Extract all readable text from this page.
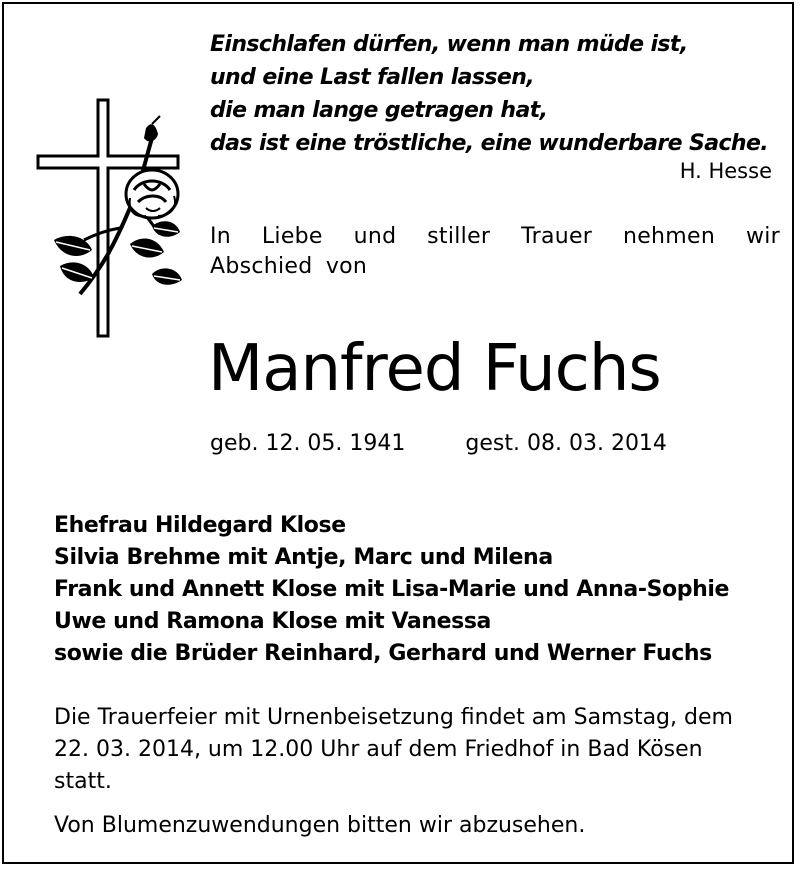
Einschlafen dürfen, wenn man müde ist,
und eine Last fallen lassen,
die man lange getragen hat,
das ist eine tröstliche, eine wunderbare Sache.
H. Hesse
In Liebe und stiller Trauer nehmen wir Abschied von
Manfred Fuchs
geb. 12. 05. 1941	gest. 08. 03. 2014
Ehefrau Hildegard Klose
Silvia Brehme mit Antje, Marc und Milena
Frank und Annett Klose mit Lisa-Marie und Anna-Sophie
Uwe und Ramona Klose mit Vanessa
sowie die Brüder Reinhard, Gerhard und Werner Fuchs
Die Trauerfeier mit Urnenbeisetzung findet am Samstag, dem 22. 03. 2014, um 12.00 Uhr auf dem Friedhof in Bad Kösen statt.
Von Blumenzuwendungen bitten wir abzusehen.
